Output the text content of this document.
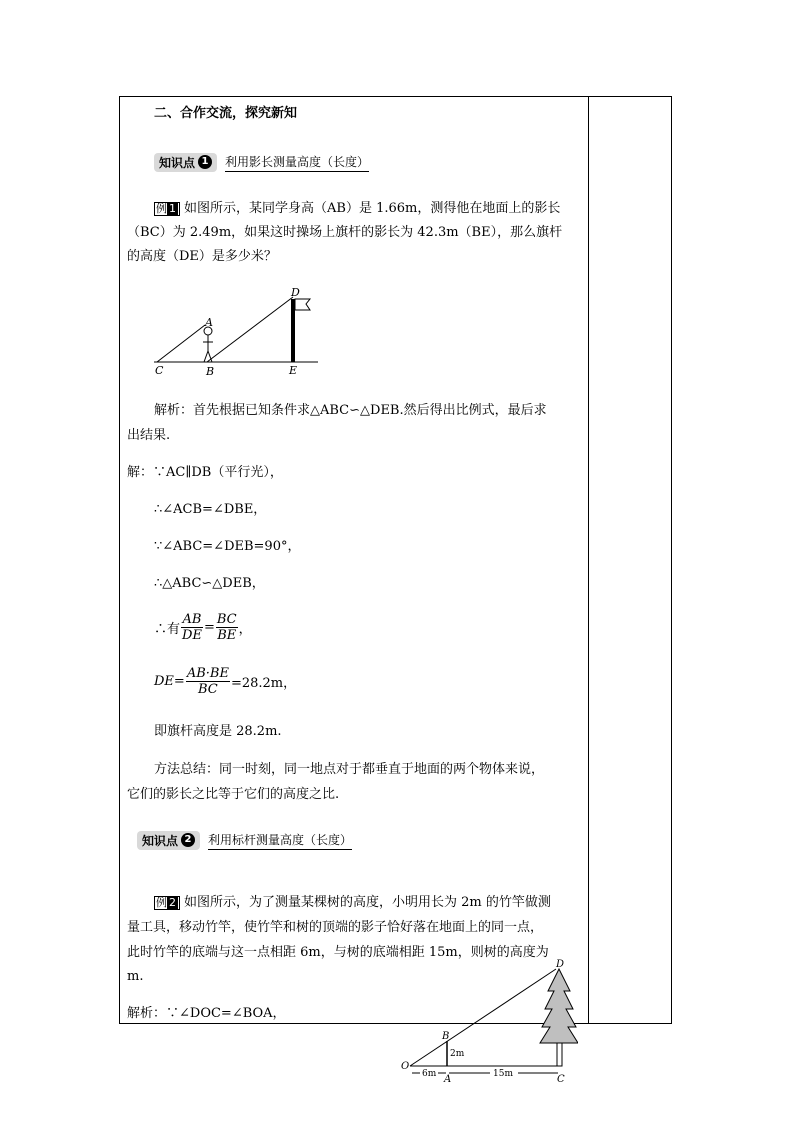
二、合作交流，探究新知
知识点 1 利用影长测量高度（长度）
例 1 如图所示，某同学身高（AB）是 1.66m，测得他在地面上的影长
（BC）为 2.49m，如果这时操场上旗杆的影长为 42.3m（BE），那么旗杆
的高度（DE）是多少米？
A
B
C
D
E
解析：首先根据已知条件求△ABC∽△DEB.然后得出比例式，最后求
出结果.
解：∵AC∥DB（平行光），
∴∠ACB=∠DBE，
∵∠ABC=∠DEB=90°，
∴△ABC∽△DEB，
∴有 $\frac{AB}{DE} = \frac{BC}{BE}$ ，
$DE= \frac{AB\cdot BE}{BC} =28.2m$，
即旗杆高度是 28.2m.
方法总结：同一时刻，同一地点对于都垂直于地面的两个物体来说，
它们的影长之比等于它们的高度之比.
知识点 2 利用标杆测量高度（长度）
例 2 如图所示，为了测量某棵树的高度，小明用长为 2m 的竹竿做测
量工具，移动竹竿，使竹竿和树的顶端的影子恰好落在地面上的同一点，
此时竹竿的底端与这一点相距 6m，与树的底端相距 15m，则树的高度为
m.
解析：∵∠DOC=∠BOA，
O
A
B
C
D
6m	15m
2m
